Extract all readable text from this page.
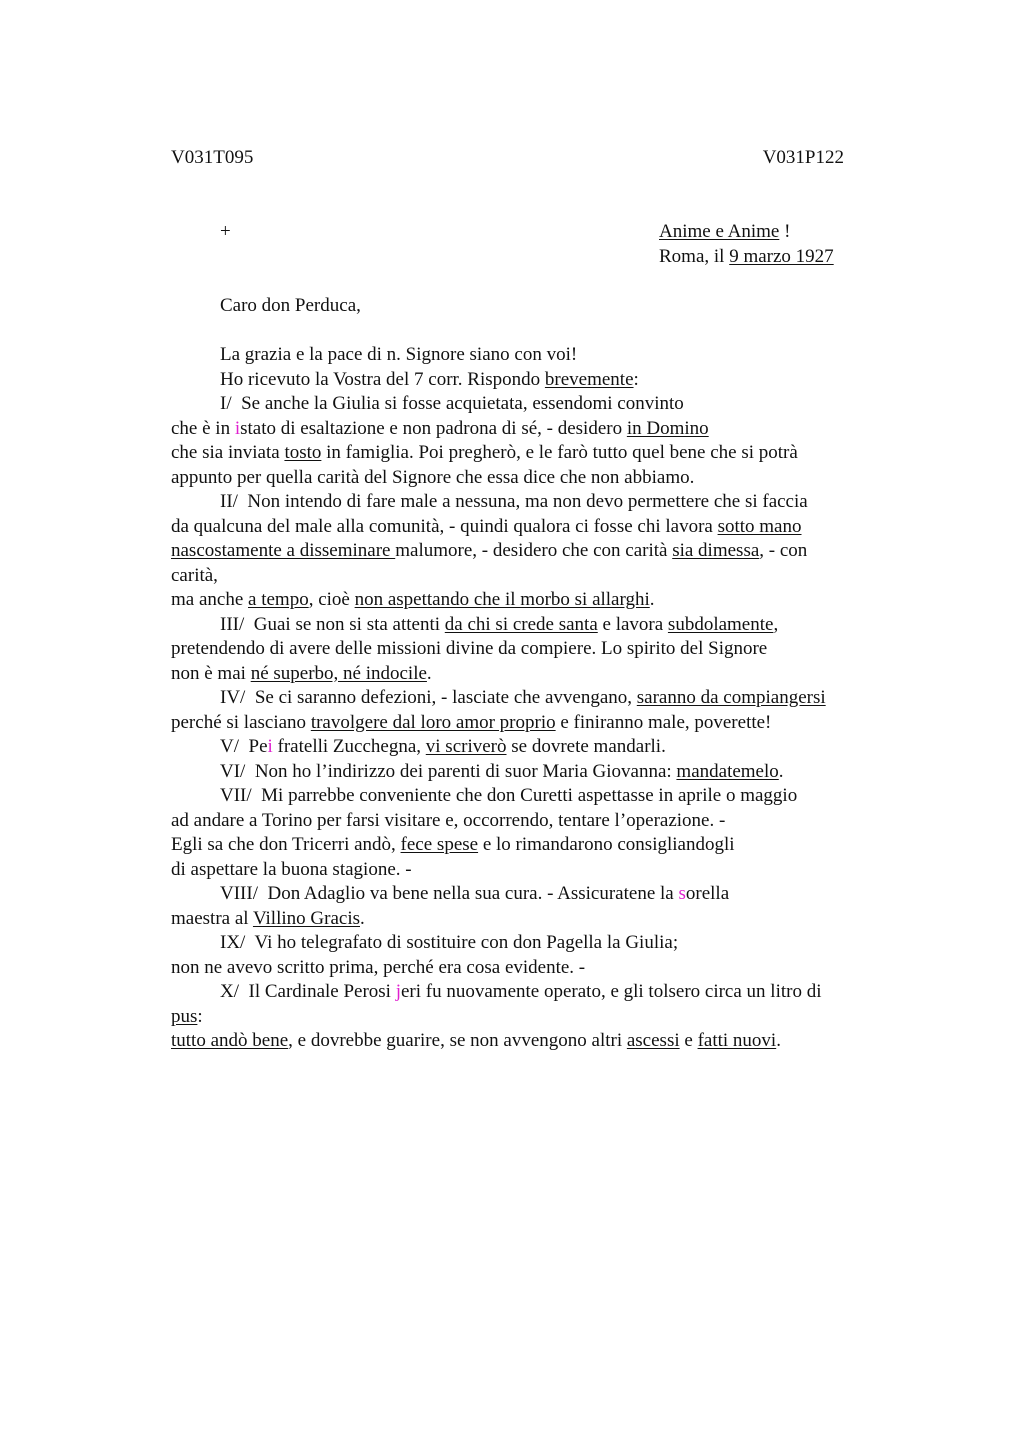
V031T095	V031P122
+	Anime e Anime !
Roma, il 9 marzo 1927
Caro don Perduca,
La grazia e la pace di n. Signore siano con voi!
Ho ricevuto la Vostra del 7 corr. Rispondo brevemente:
I/  Se anche la Giulia si fosse acquietata, essendomi convinto
che è in istato di esaltazione e non padrona di sé, - desidero in Domino
che sia inviata tosto in famiglia. Poi pregherò, e le farò tutto quel bene che si potrà
appunto per quella carità del Signore che essa dice che non abbiamo.
II/  Non intendo di fare male a nessuna, ma non devo permettere che si faccia
da qualcuna del male alla comunità, - quindi qualora ci fosse chi lavora sotto mano
nascostamente a disseminare malumore, - desidero che con carità sia dimessa, - con
carità,
ma anche a tempo, cioè non aspettando che il morbo si allarghi.
III/  Guai se non si sta attenti da chi si crede santa e lavora subdolamente,
pretendendo di avere delle missioni divine da compiere. Lo spirito del Signore
non è mai né superbo, né indocile.
IV/  Se ci saranno defezioni, - lasciate che avvengano, saranno da compiangersi
perché si lasciano travolgere dal loro amor proprio e finiranno male, poverette!
V/  Pei fratelli Zucchegna, vi scriverò se dovrete mandarli.
VI/  Non ho l’indirizzo dei parenti di suor Maria Giovanna: mandatemelo.
VII/  Mi parrebbe conveniente che don Curetti aspettasse in aprile o maggio
ad andare a Torino per farsi visitare e, occorrendo, tentare l’operazione. -
Egli sa che don Tricerri andò, fece spese e lo rimandarono consigliandogli
di aspettare la buona stagione. -
VIII/  Don Adaglio va bene nella sua cura. - Assicuratene la sorella
maestra al Villino Gracis.
IX/  Vi ho telegrafato di sostituire con don Pagella la Giulia;
non ne avevo scritto prima, perché era cosa evidente. -
X/  Il Cardinale Perosi jeri fu nuovamente operato, e gli tolsero circa un litro di
pus:
tutto andò bene, e dovrebbe guarire, se non avvengono altri ascessi e fatti nuovi.
